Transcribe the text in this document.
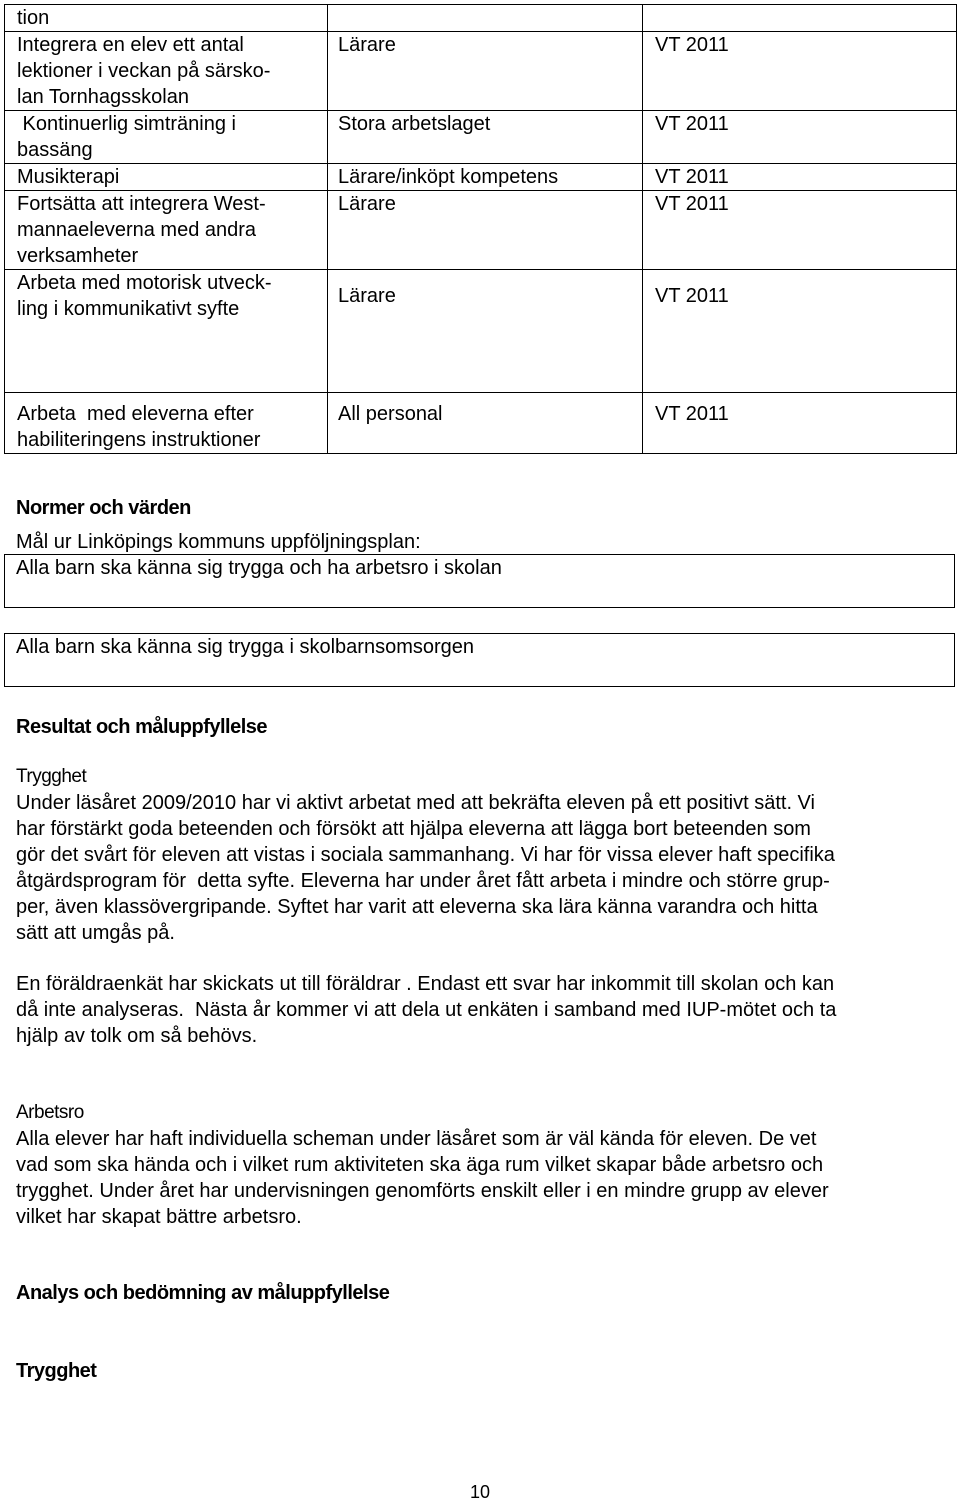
tion		
Integrera en elev ett antal
lektioner i veckan på särsko-
lan Tornhagsskolan	Lärare	VT 2011
Kontinuerlig simträning i
bassäng	Stora arbetslaget	VT 2011
Musikterapi	Lärare/inköpt kompetens	VT 2011
Fortsätta att integrera West-
mannaeleverna med andra
verksamheter	Lärare	VT 2011
Arbeta med motorisk utveck-
ling i kommunikativt syfte	Lärare	VT 2011
Arbeta  med eleverna efter
habiliteringens instruktioner	All personal	VT 2011
Normer och värden
Mål ur Linköpings kommuns uppföljningsplan:
Alla barn ska känna sig trygga och ha arbetsro i skolan
Alla barn ska känna sig trygga i skolbarnsomsorgen
Resultat och måluppfyllelse
Trygghet
Under läsåret 2009/2010 har vi aktivt arbetat med att bekräfta eleven på ett positivt sätt. Vi
har förstärkt goda beteenden och försökt att hjälpa eleverna att lägga bort beteenden som
gör det svårt för eleven att vistas i sociala sammanhang. Vi har för vissa elever haft specifika
åtgärdsprogram för  detta syfte. Eleverna har under året fått arbeta i mindre och större grup-
per, även klassövergripande. Syftet har varit att eleverna ska lära känna varandra och hitta
sätt att umgås på.
En föräldraenkät har skickats ut till föräldrar . Endast ett svar har inkommit till skolan och kan
då inte analyseras.  Nästa år kommer vi att dela ut enkäten i samband med IUP-mötet och ta
hjälp av tolk om så behövs.
Arbetsro
Alla elever har haft individuella scheman under läsåret som är väl kända för eleven. De vet
vad som ska hända och i vilket rum aktiviteten ska äga rum vilket skapar både arbetsro och
trygghet. Under året har undervisningen genomförts enskilt eller i en mindre grupp av elever
vilket har skapat bättre arbetsro.
Analys och bedömning av måluppfyllelse
Trygghet
10
